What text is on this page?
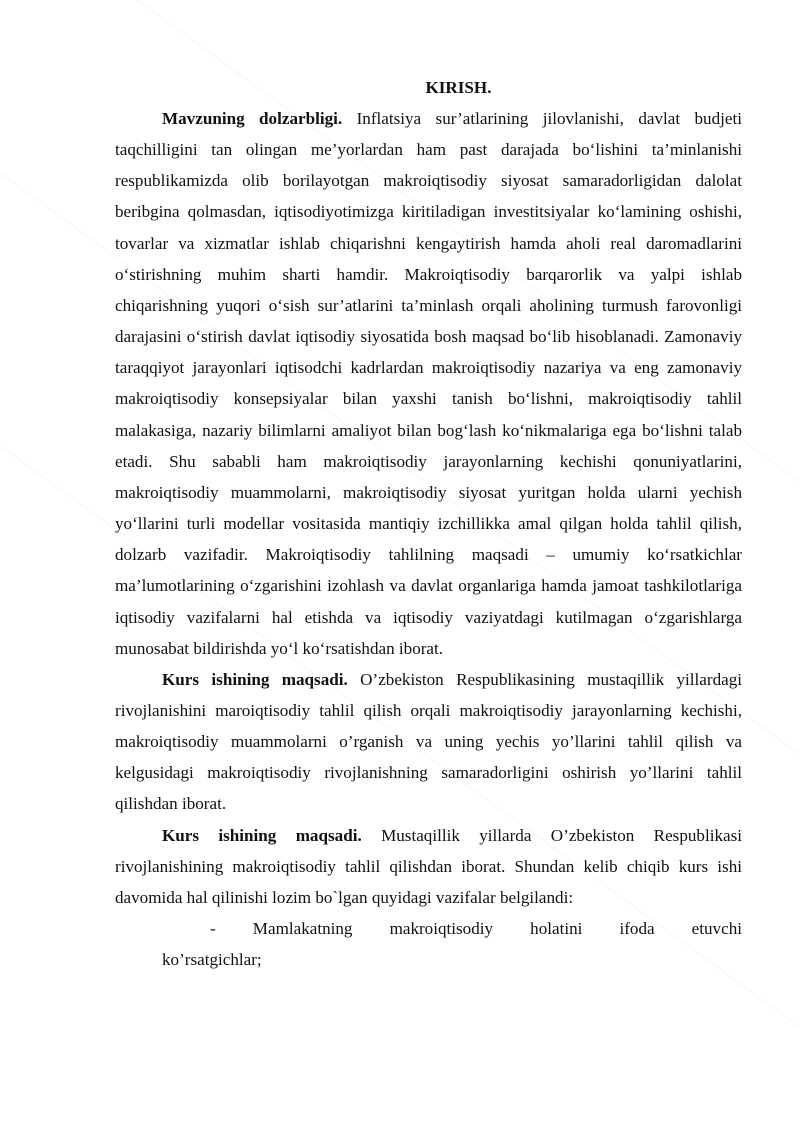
KIRISH.

Mavzuning dolzarbligi. Inflatsiya sur’atlarining jilovlanishi, davlat budjeti taqchilligini tan olingan me’yorlardan ham past darajada bo‘lishini ta’minlanishi respublikamizda olib borilayotgan makroiqtisodiy siyosat samaradorligidan dalolat beribgina qolmasdan, iqtisodiyotimizga kiritiladigan investitsiyalar ko‘lamining oshishi, tovarlar va xizmatlar ishlab chiqarishni kengaytirish hamda aholi real daromadlarini o‘stirishning muhim sharti hamdir. Makroiqtisodiy barqarorlik va yalpi ishlab chiqarishning yuqori o‘sish sur’atlarini ta’minlash orqali aholining turmush farovonligi darajasini o‘stirish davlat iqtisodiy siyosatida bosh maqsad bo‘lib hisoblanadi. Zamonaviy taraqqiyot jarayonlari iqtisodchi kadrlardan makroiqtisodiy nazariya va eng zamonaviy makroiqtisodiy konsepsiyalar bilan yaxshi tanish bo‘lishni, makroiqtisodiy tahlil malakasiga, nazariy bilimlarni amaliyot bilan bog‘lash ko‘nikmalariga ega bo‘lishni talab etadi. Shu sababli ham makroiqtisodiy jarayonlarning kechishi qonuniyatlarini, makroiqtisodiy muammolarni, makroiqtisodiy siyosat yuritgan holda ularni yechish yo‘llarini turli modellar vositasida mantiqiy izchillikka amal qilgan holda tahlil qilish, dolzarb vazifadir. Makroiqtisodiy tahlilning maqsadi – umumiy ko‘rsatkichlar ma’lumotlarining o‘zgarishini izohlash va davlat organlariga hamda jamoat tashkilotlariga iqtisodiy vazifalarni hal etishda va iqtisodiy vaziyatdagi kutilmagan o‘zgarishlarga munosabat bildirishda yo‘l ko‘rsatishdan iborat.

Kurs ishining maqsadi. O’zbekiston Respublikasining mustaqillik yillardagi rivojlanishini maroiqtisodiy tahlil qilish orqali makroiqtisodiy jarayonlarning kechishi, makroiqtisodiy muammolarni o’rganish va uning yechis yo’llarini tahlil qilish va kelgusidagi makroiqtisodiy rivojlanishning samaradorligini oshirish yo’llarini tahlil qilishdan iborat.

Kurs ishining maqsadi. Mustaqillik yillarda O’zbekiston Respublikasi rivojlanishining makroiqtisodiy tahlil qilishdan iborat. Shundan kelib chiqib kurs ishi davomida hal qilinishi lozim bo`lgan quyidagi vazifalar belgilandi:

- Mamlakatning makroiqtisodiy holatini ifoda etuvchi
ko’rsatgichlar;
